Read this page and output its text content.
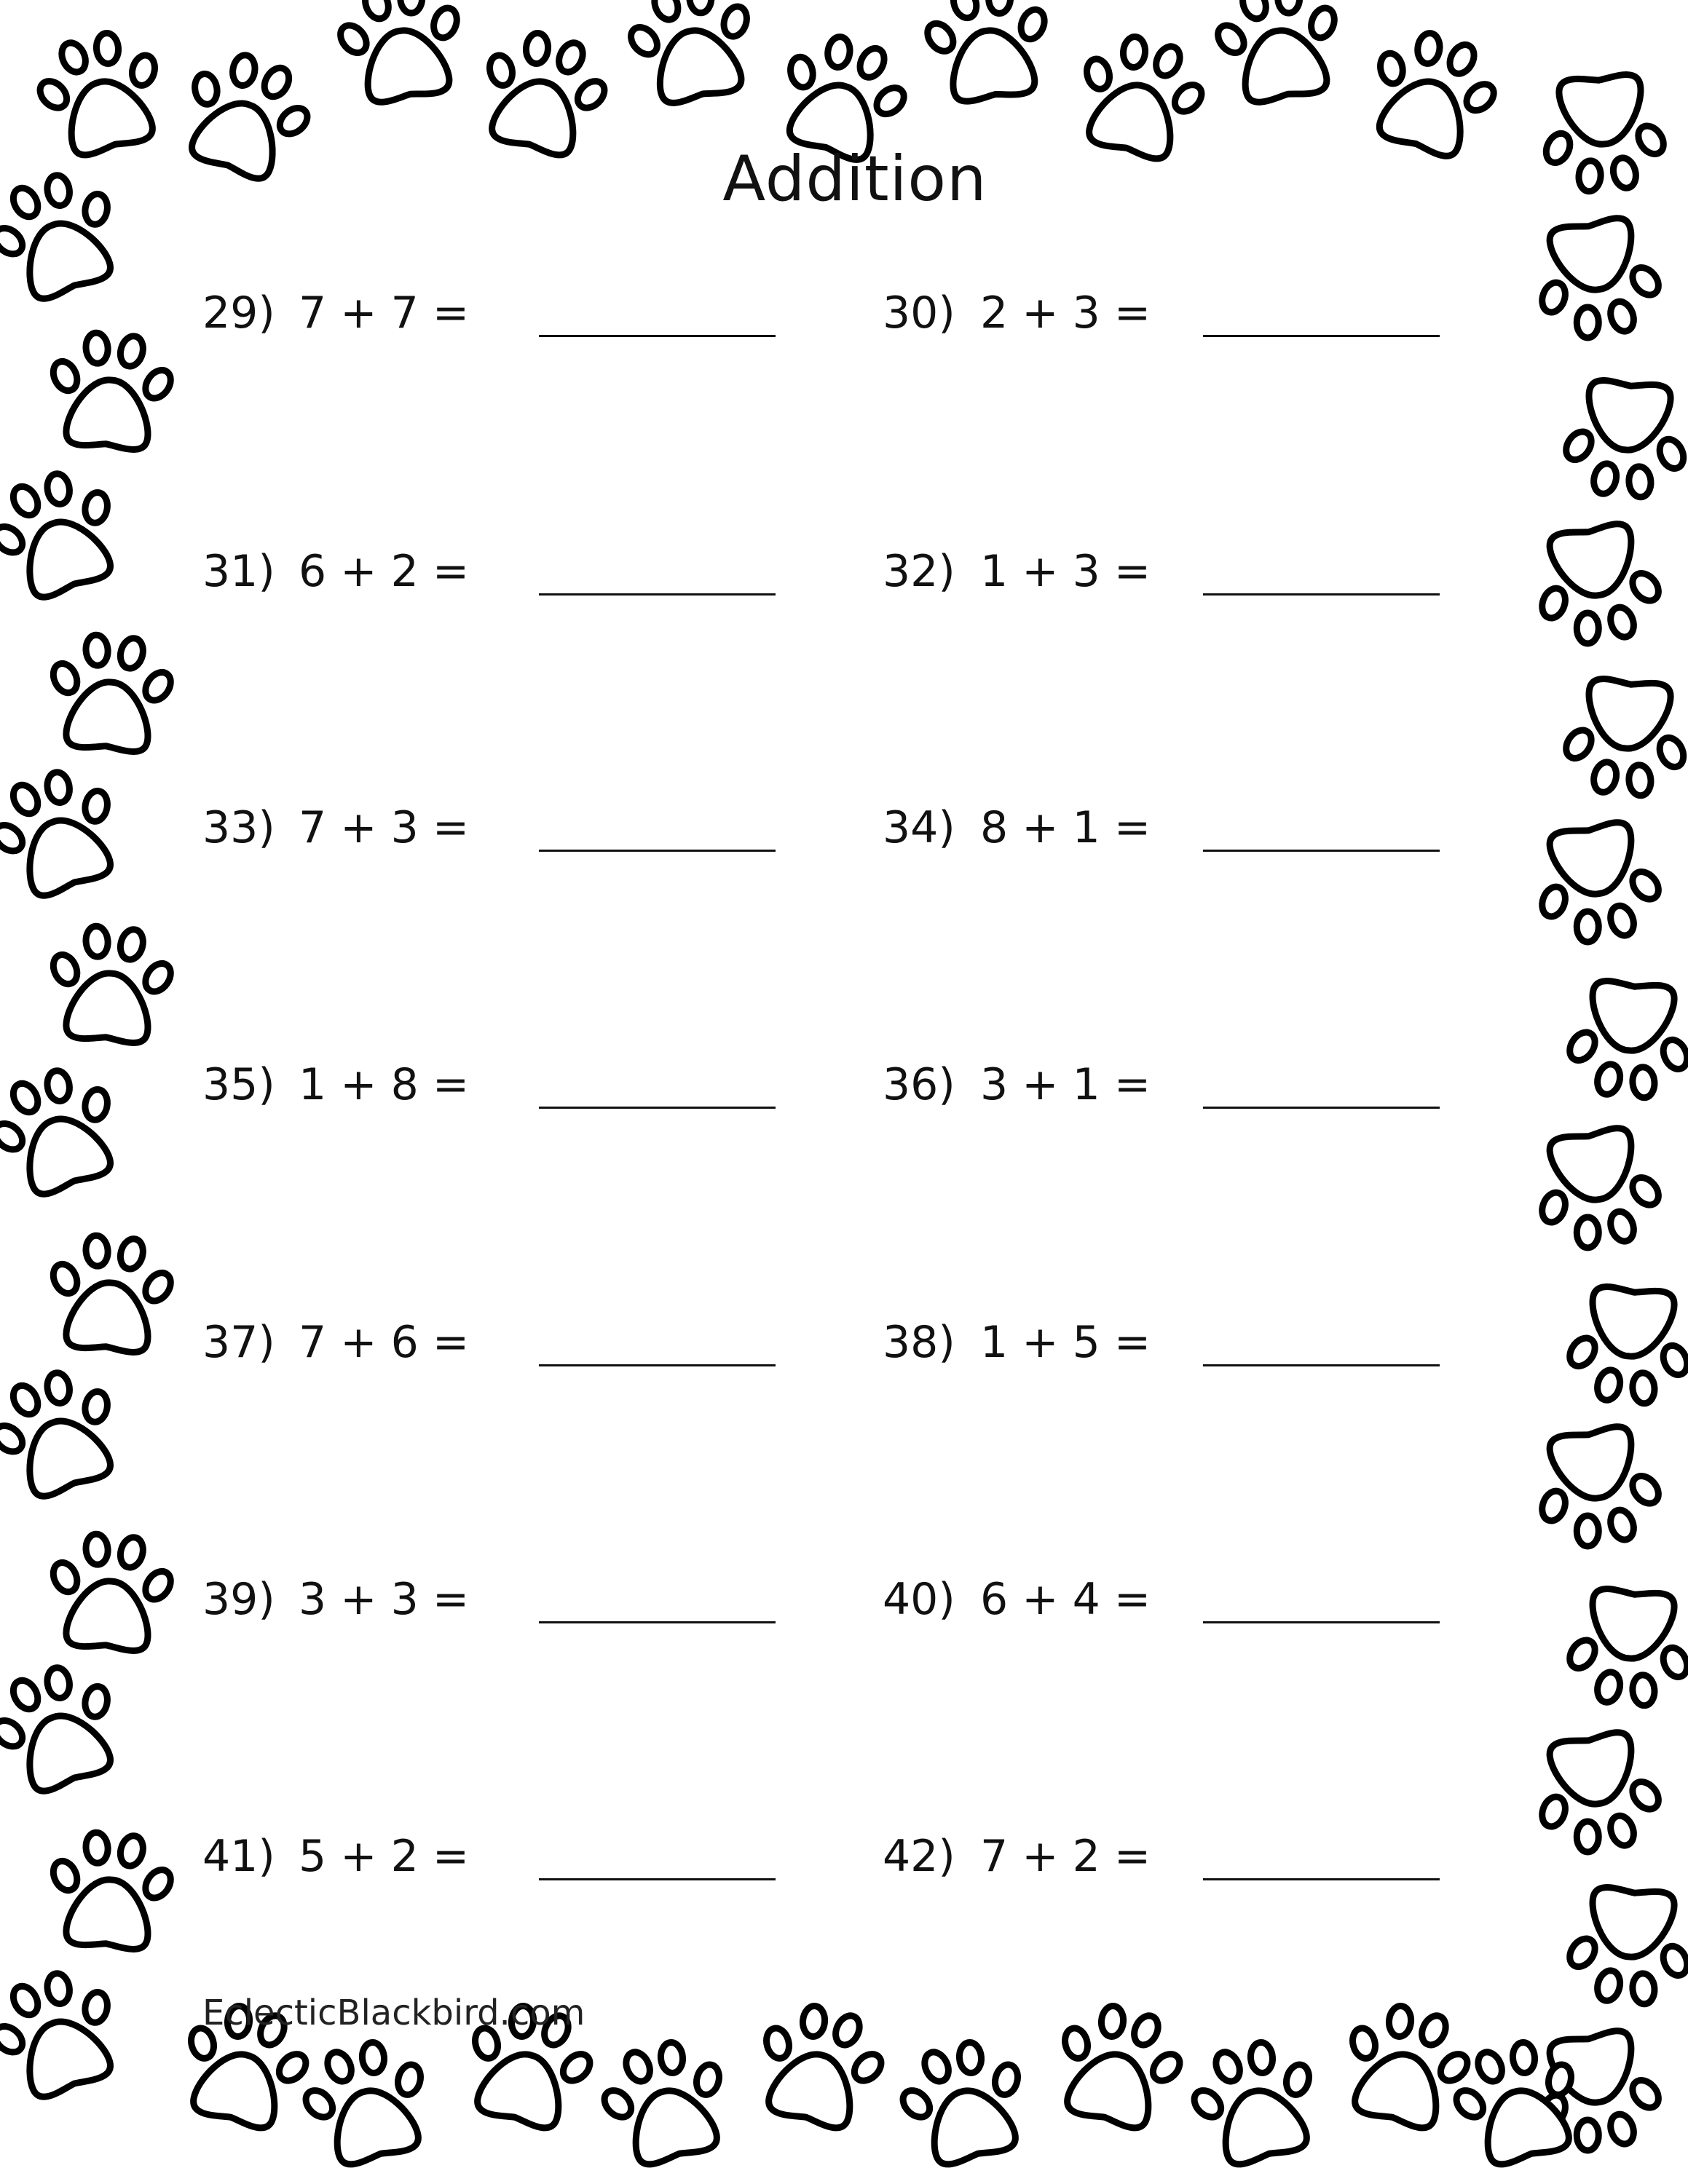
Addition
29) 7 + 7 =	30) 2 + 3 =
31) 6 + 2 =	32) 1 + 3 =
33) 7 + 3 =	34) 8 + 1 =
35) 1 + 8 =	36) 3 + 1 =
37) 7 + 6 =	38) 1 + 5 =
39) 3 + 3 =	40) 6 + 4 =
41) 5 + 2 =	42) 7 + 2 =
EclecticBlackbird.com
